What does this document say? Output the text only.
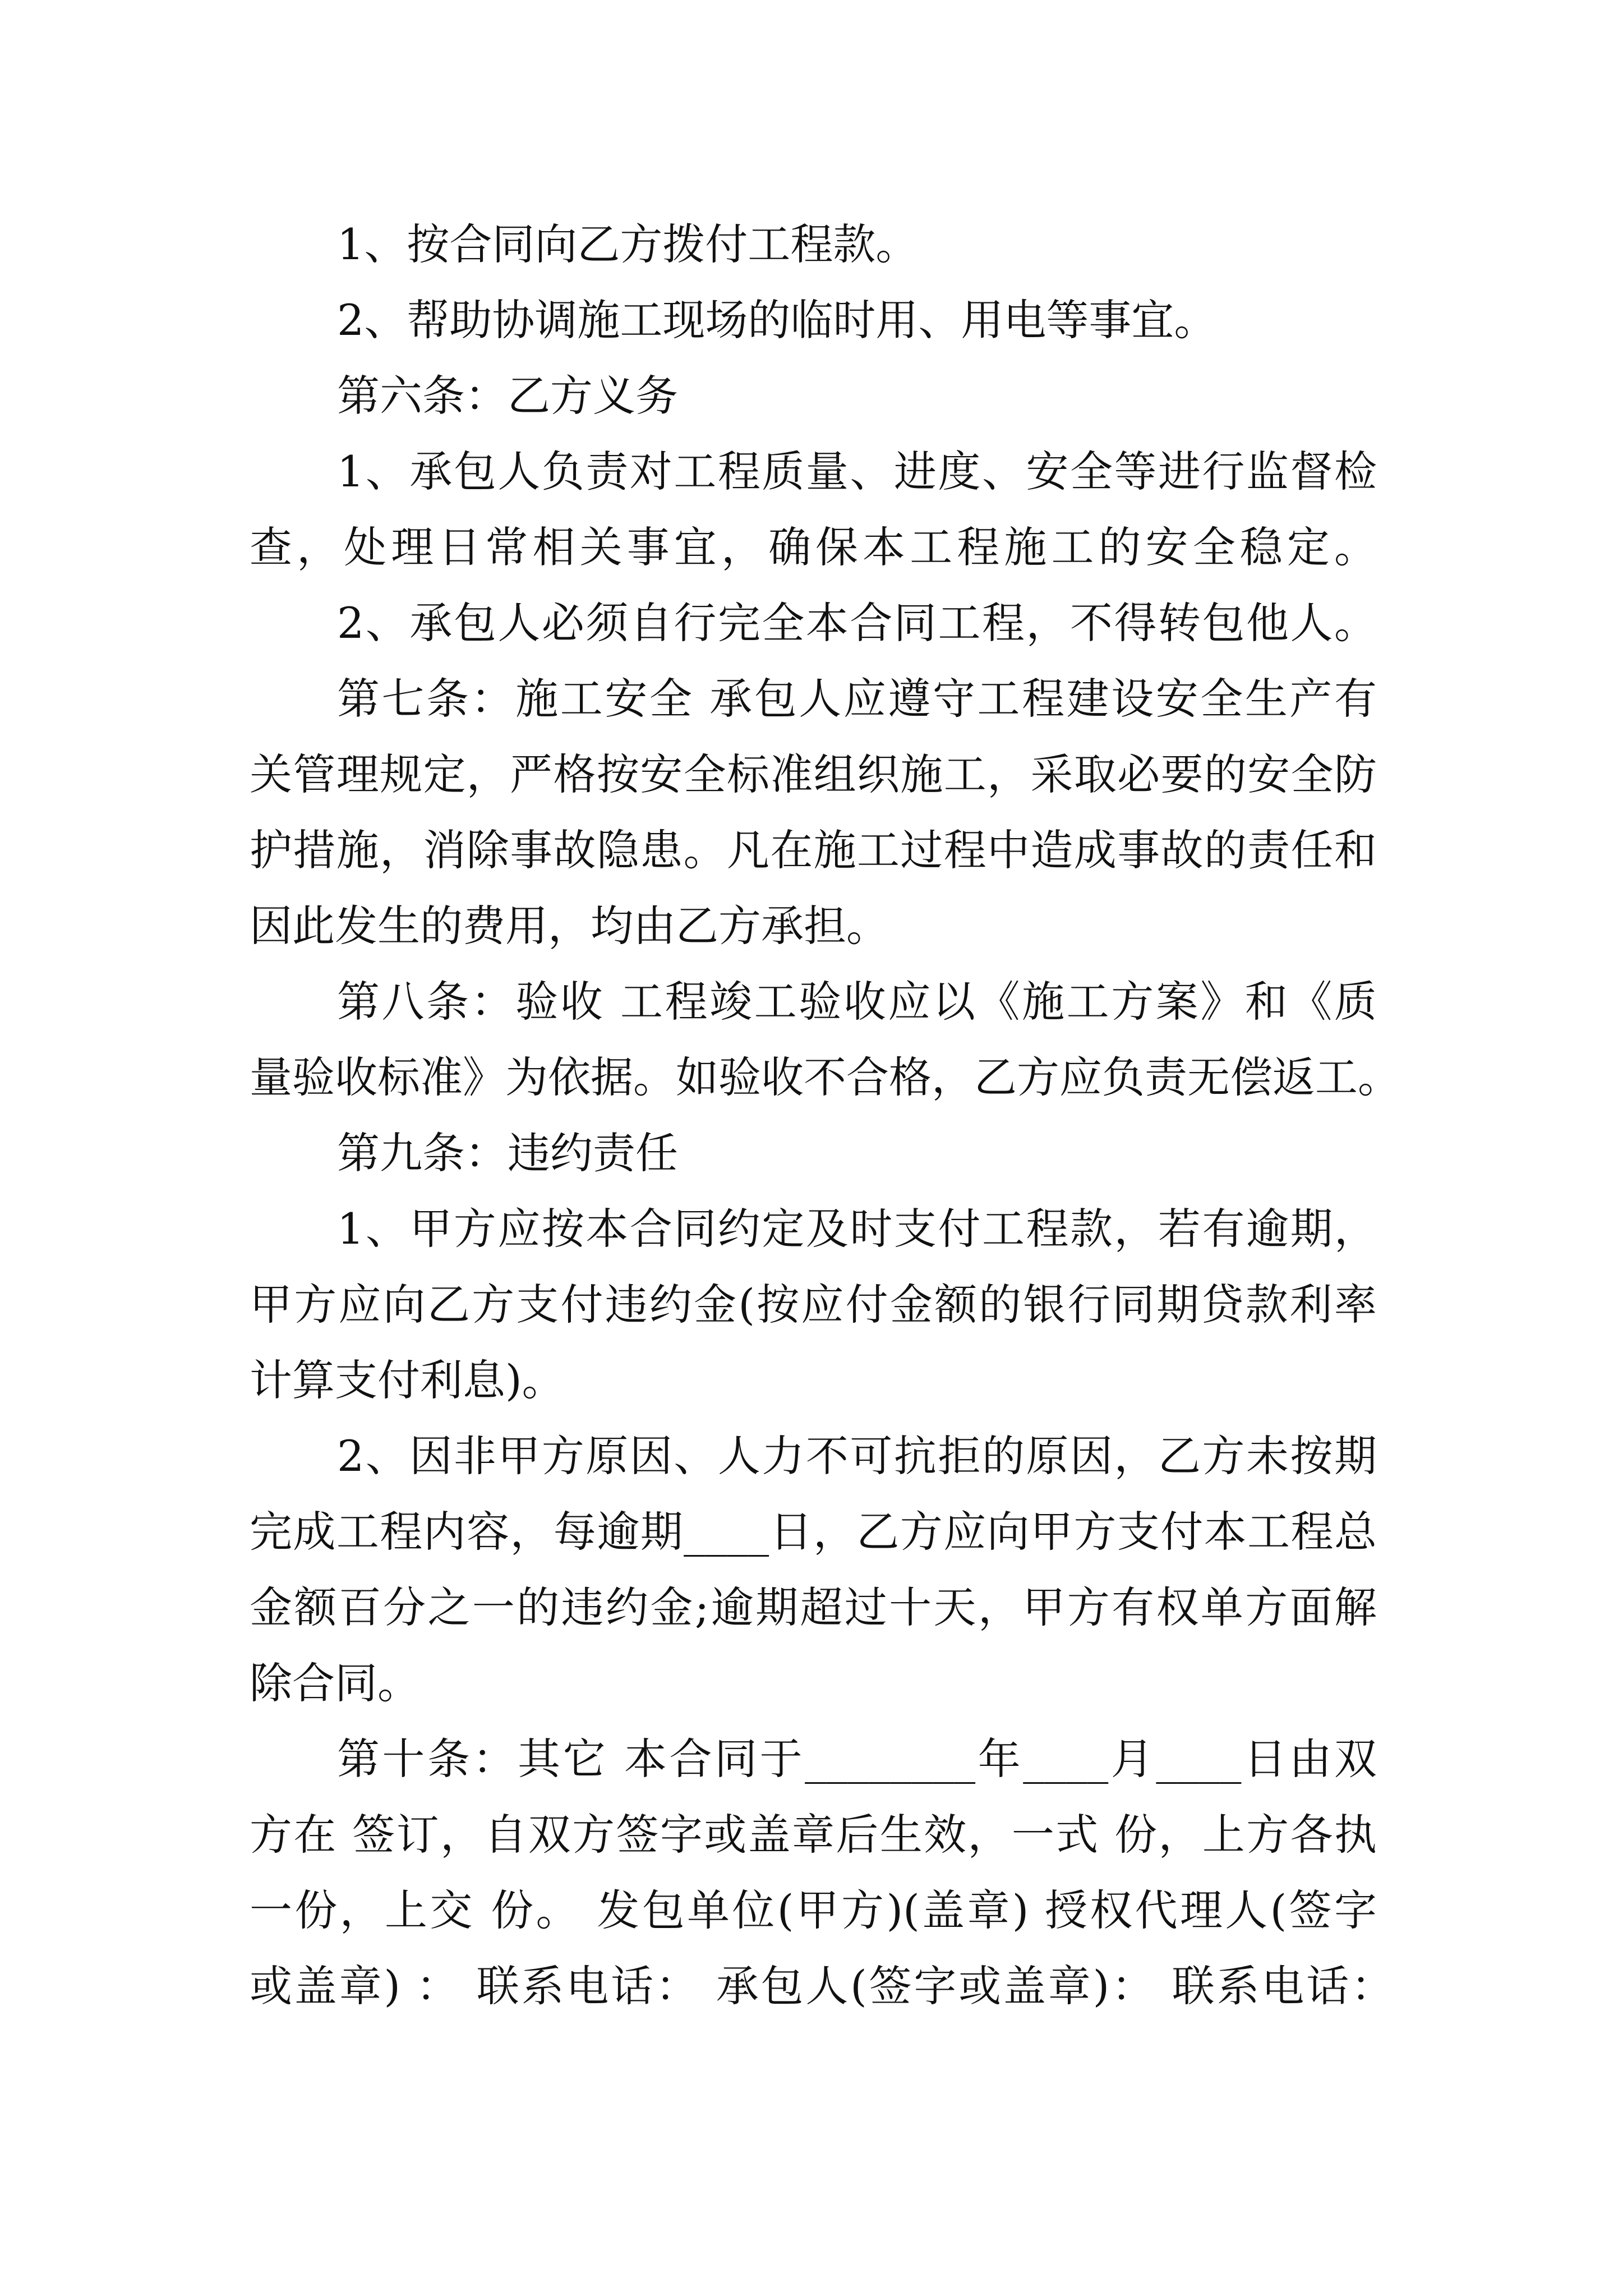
1、按合同向乙方拨付工程款。
2、帮助协调施工现场的临时用、用电等事宜。
第六条：乙方义务
1、承包人负责对工程质量、进度、安全等进行监督检
查，处理日常相关事宜，确保本工程施工的安全稳定。
2、承包人必须自行完全本合同工程，不得转包他人。
第七条：施工安全 承包人应遵守工程建设安全生产有
关管理规定，严格按安全标准组织施工，采取必要的安全防
护措施，消除事故隐患。凡在施工过程中造成事故的责任和
因此发生的费用，均由乙方承担。
第八条：验收 工程竣工验收应以《施工方案》和《质
量验收标准》为依据。如验收不合格，乙方应负责无偿返工。
第九条：违约责任
1、甲方应按本合同约定及时支付工程款，若有逾期，
甲方应向乙方支付违约金(按应付金额的银行同期贷款利率
计算支付利息)。
2、因非甲方原因、人力不可抗拒的原因，乙方未按期
完成工程内容，每逾期____日，乙方应向甲方支付本工程总
金额百分之一的违约金;逾期超过十天，甲方有权单方面解
除合同。
第十条：其它 本合同于________年____月____日由双
方在 签订，自双方签字或盖章后生效，一式 份，上方各执
一份，上交 份。 发包单位(甲方)(盖章) 授权代理人(签字
或盖章) ： 联系电话： 承包人(签字或盖章)： 联系电话：
